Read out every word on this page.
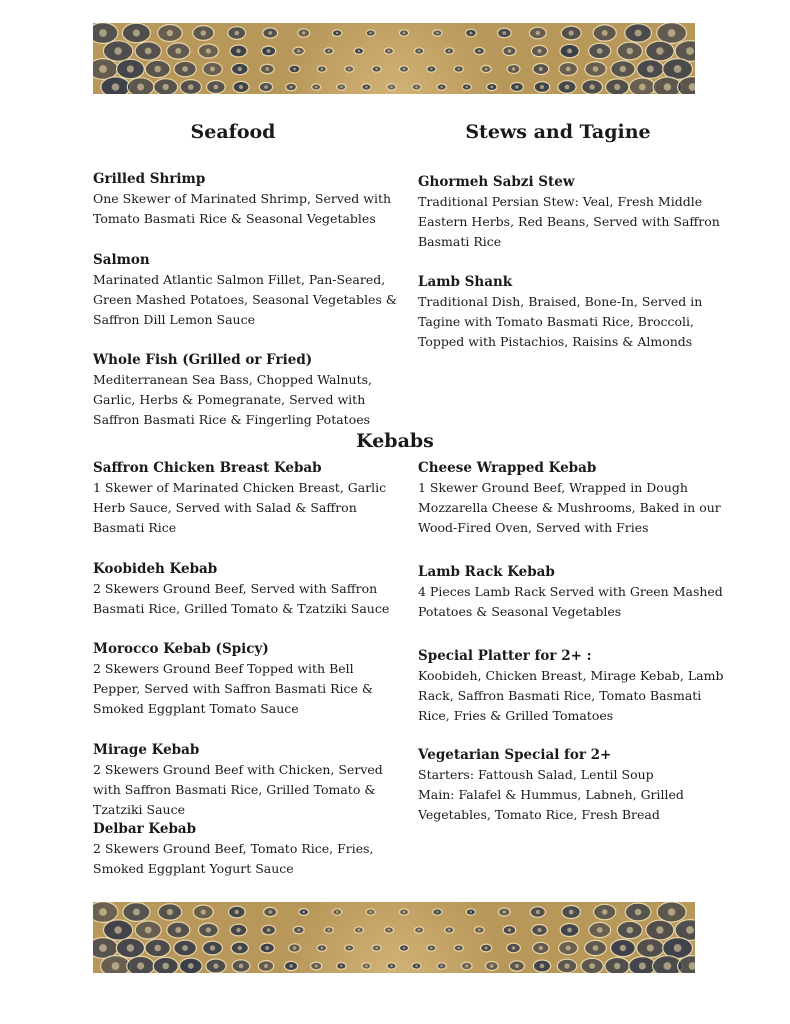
Seafood	Stews and Tagine
Kebabs
Grilled Shrimp
One Skewer of Marinated Shrimp, Served with
Tomato Basmati Rice & Seasonal Vegetables
Salmon
Marinated Atlantic Salmon Fillet, Pan-Seared,
Green Mashed Potatoes, Seasonal Vegetables &
Saffron Dill Lemon Sauce
Whole Fish (Grilled or Fried)
Mediterranean Sea Bass, Chopped Walnuts,
Garlic, Herbs & Pomegranate, Served with
Saffron Basmati Rice & Fingerling Potatoes
Ghormeh Sabzi Stew
Traditional Persian Stew: Veal, Fresh Middle
Eastern Herbs, Red Beans, Served with Saffron
Basmati Rice
Lamb Shank
Traditional Dish, Braised, Bone-In, Served in
Tagine with Tomato Basmati Rice, Broccoli,
Topped with Pistachios, Raisins & Almonds
Saffron Chicken Breast Kebab
1 Skewer of Marinated Chicken Breast, Garlic
Herb Sauce, Served with Salad & Saffron
Basmati Rice
Koobideh Kebab
2 Skewers Ground Beef, Served with Saffron
Basmati Rice, Grilled Tomato & Tzatziki Sauce
Morocco Kebab (Spicy)
2 Skewers Ground Beef Topped with Bell
Pepper, Served with Saffron Basmati Rice &
Smoked Eggplant Tomato Sauce
Mirage Kebab
2 Skewers Ground Beef with Chicken, Served
with Saffron Basmati Rice, Grilled Tomato &
Tzatziki Sauce
Delbar Kebab
2 Skewers Ground Beef, Tomato Rice, Fries,
Smoked Eggplant Yogurt Sauce
Cheese Wrapped Kebab
1 Skewer Ground Beef, Wrapped in Dough
Mozzarella Cheese & Mushrooms, Baked in our
Wood-Fired Oven, Served with Fries
Lamb Rack Kebab
4 Pieces Lamb Rack Served with Green Mashed
Potatoes & Seasonal Vegetables
Special Platter for 2+ :
Koobideh, Chicken Breast, Mirage Kebab, Lamb
Rack, Saffron Basmati Rice, Tomato Basmati
Rice, Fries & Grilled Tomatoes
Vegetarian Special for 2+
Starters: Fattoush Salad, Lentil Soup
Main: Falafel & Hummus, Labneh, Grilled
Vegetables, Tomato Rice, Fresh Bread
